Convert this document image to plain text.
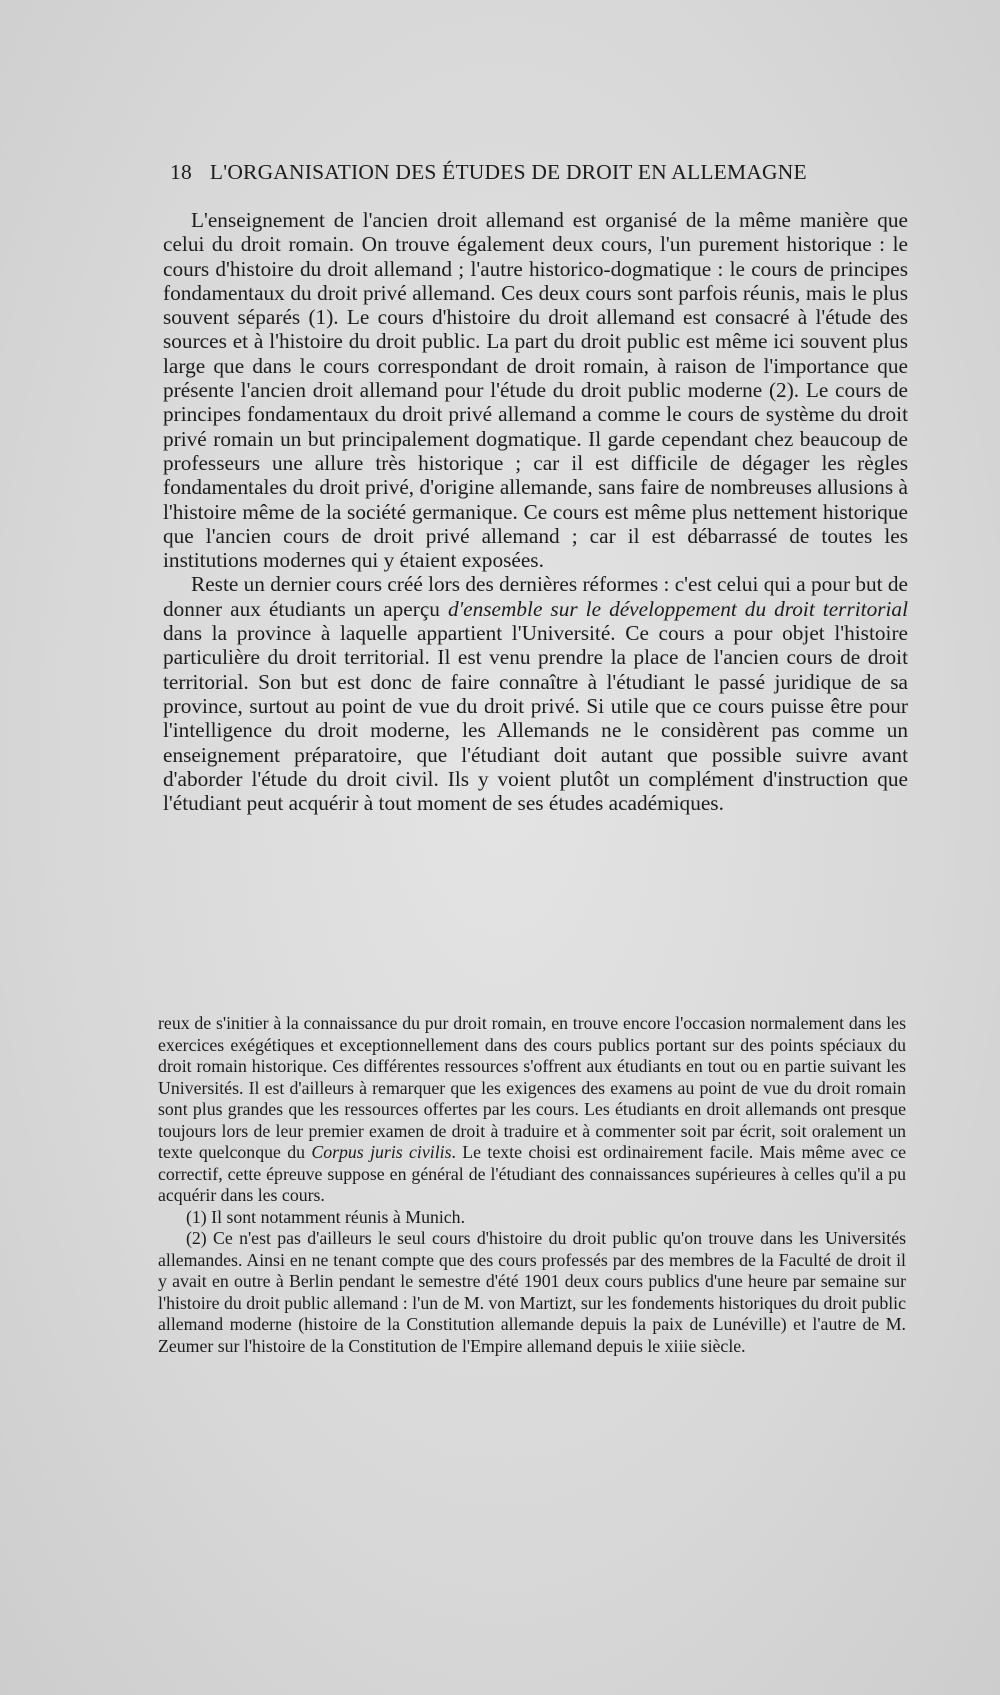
18 L'ORGANISATION DES ÉTUDES DE DROIT EN ALLEMAGNE

L'enseignement de l'ancien droit allemand est organisé de la même manière que celui du droit romain. On trouve également deux cours, l'un purement historique : le cours d'histoire du droit allemand ; l'autre historico-dogmatique : le cours de principes fondamentaux du droit privé allemand. Ces deux cours sont parfois réunis, mais le plus souvent séparés (1). Le cours d'histoire du droit allemand est consacré à l'étude des sources et à l'histoire du droit public. La part du droit public est même ici souvent plus large que dans le cours correspondant de droit romain, à raison de l'importance que présente l'ancien droit allemand pour l'étude du droit public moderne (2). Le cours de principes fondamentaux du droit privé allemand a comme le cours de système du droit privé romain un but principalement dogmatique. Il garde cependant chez beaucoup de professeurs une allure très historique ; car il est difficile de dégager les règles fondamentales du droit privé, d'origine allemande, sans faire de nombreuses allusions à l'histoire même de la société germanique. Ce cours est même plus nettement historique que l'ancien cours de droit privé allemand ; car il est débarrassé de toutes les institutions modernes qui y étaient exposées.

Reste un dernier cours créé lors des dernières réformes : c'est celui qui a pour but de donner aux étudiants un aperçu d'ensemble sur le développement du droit territorial dans la province à laquelle appartient l'Université. Ce cours a pour objet l'histoire particulière du droit territorial. Il est venu prendre la place de l'ancien cours de droit territorial. Son but est donc de faire connaître à l'étudiant le passé juridique de sa province, surtout au point de vue du droit privé. Si utile que ce cours puisse être pour l'intelligence du droit moderne, les Allemands ne le considèrent pas comme un enseignement préparatoire, que l'étudiant doit autant que possible suivre avant d'aborder l'étude du droit civil. Ils y voient plutôt un complément d'instruction que l'étudiant peut acquérir à tout moment de ses études académiques.

reux de s'initier à la connaissance du pur droit romain, en trouve encore l'occasion normalement dans les exercices exégétiques et exceptionnellement dans des cours publics portant sur des points spéciaux du droit romain historique. Ces différentes ressources s'offrent aux étudiants en tout ou en partie suivant les Universités. Il est d'ailleurs à remarquer que les exigences des examens au point de vue du droit romain sont plus grandes que les ressources offertes par les cours. Les étudiants en droit allemands ont presque toujours lors de leur premier examen de droit à traduire et à commenter soit par écrit, soit oralement un texte quelconque du Corpus juris civilis. Le texte choisi est ordinairement facile. Mais même avec ce correctif, cette épreuve suppose en général de l'étudiant des connaissances supérieures à celles qu'il a pu acquérir dans les cours.

(1) Il sont notamment réunis à Munich.

(2) Ce n'est pas d'ailleurs le seul cours d'histoire du droit public qu'on trouve dans les Universités allemandes. Ainsi en ne tenant compte que des cours professés par des membres de la Faculté de droit il y avait en outre à Berlin pendant le semestre d'été 1901 deux cours publics d'une heure par semaine sur l'histoire du droit public allemand : l'un de M. von Martizt, sur les fondements historiques du droit public allemand moderne (histoire de la Constitution allemande depuis la paix de Lunéville) et l'autre de M. Zeumer sur l'histoire de la Constitution de l'Empire allemand depuis le xiiie siècle.
